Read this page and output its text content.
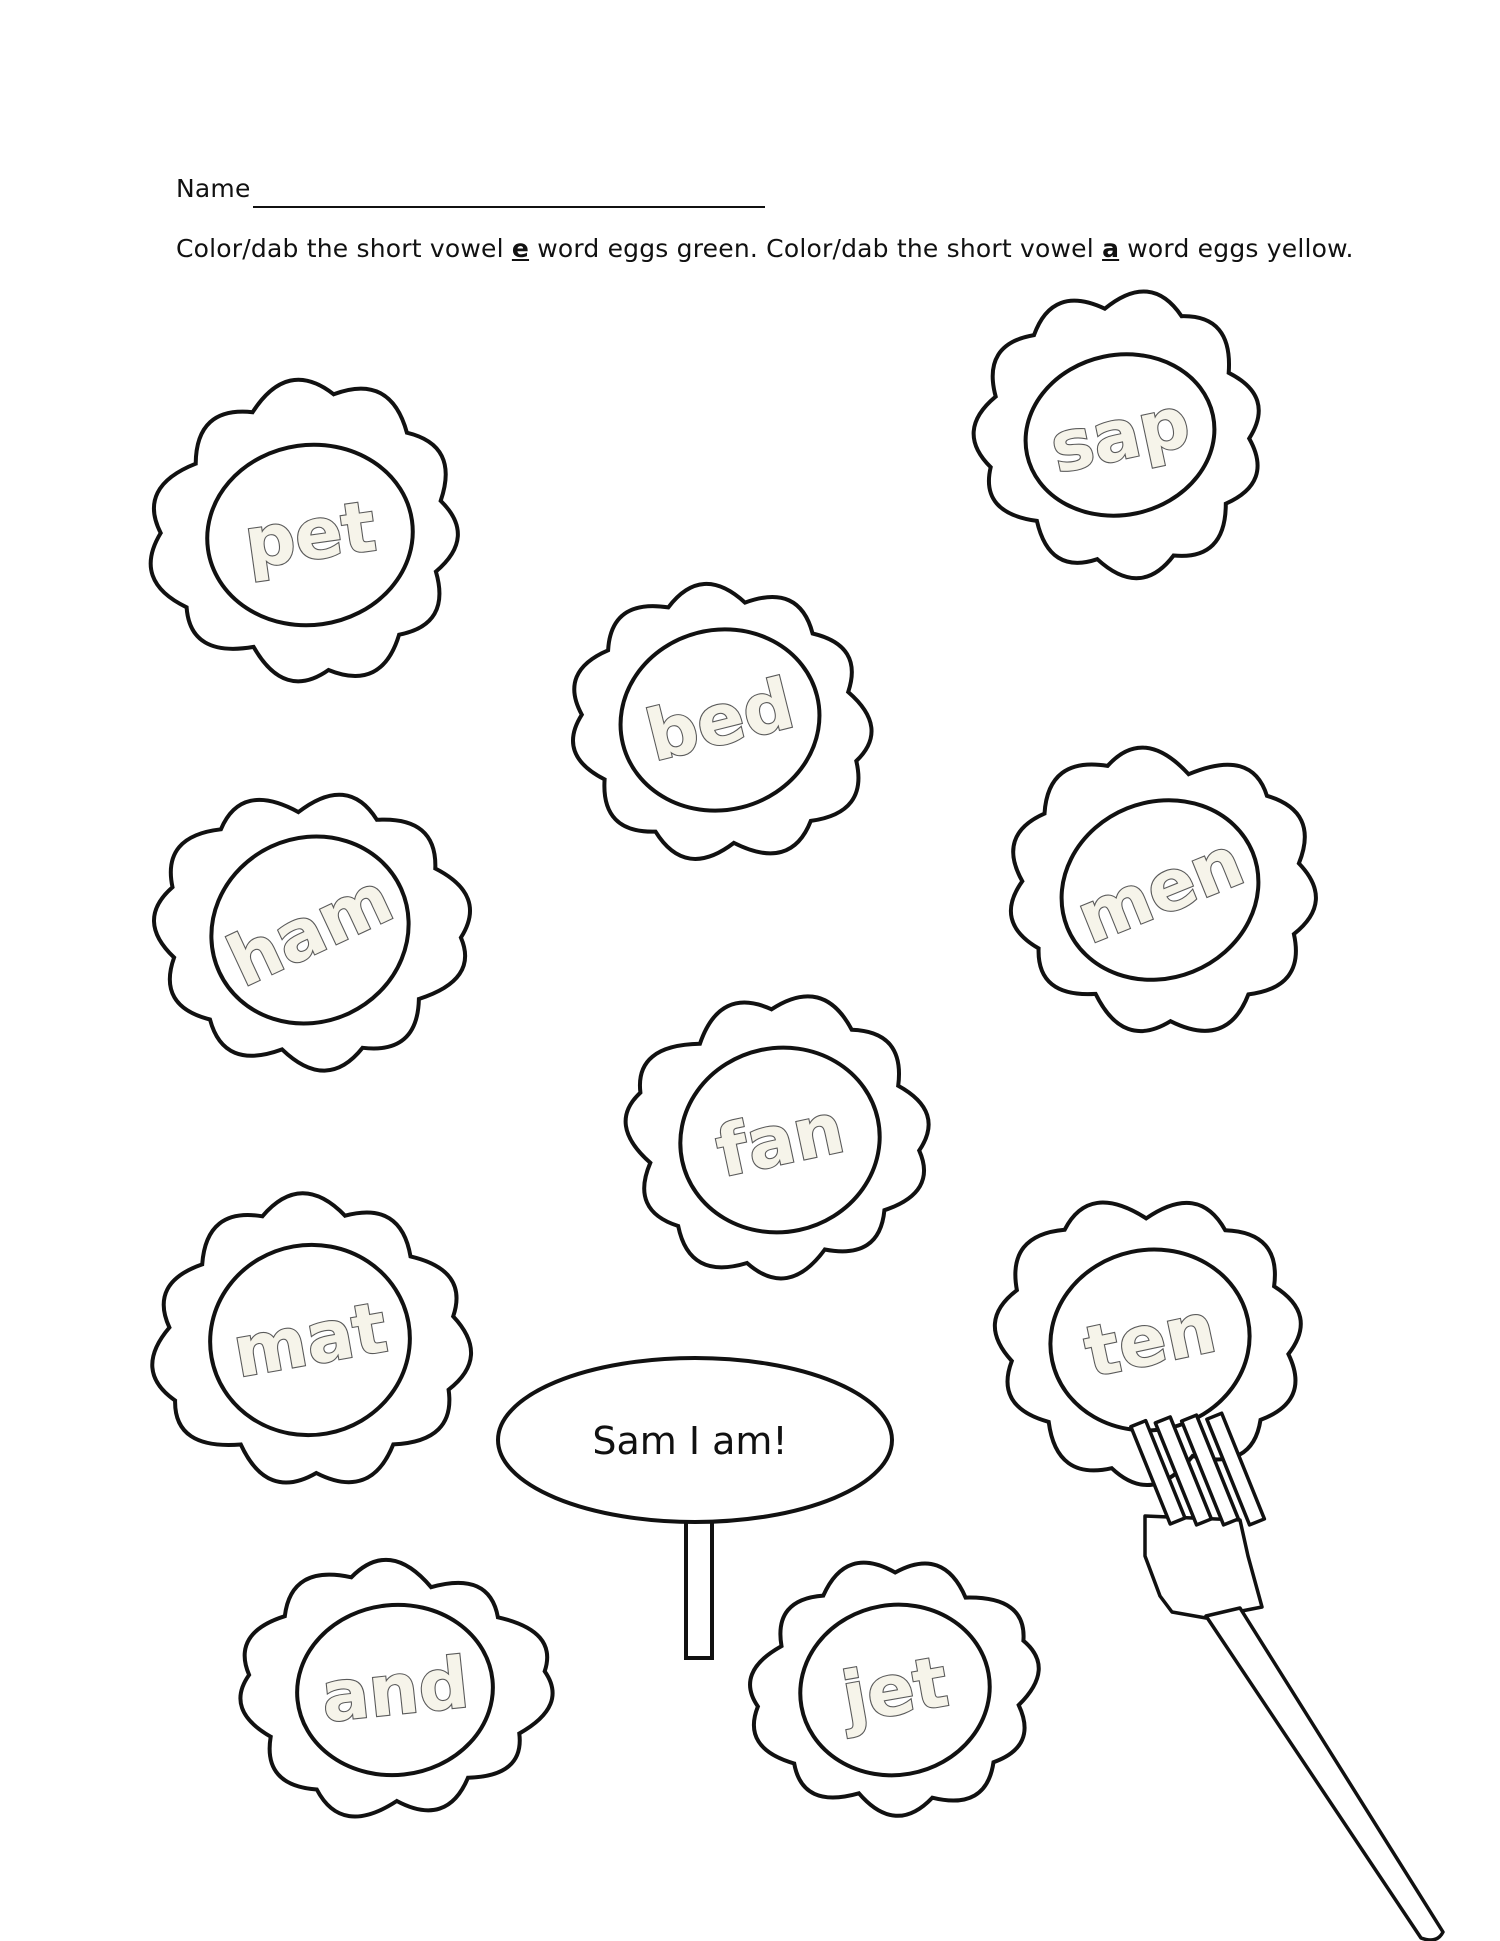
Name
Color/dab the short vowel e word eggs green. Color/dab the short vowel a word eggs yellow.
pet
sap
bed
ham	men
fan
mat	ten
and	jet
Sam I am!
